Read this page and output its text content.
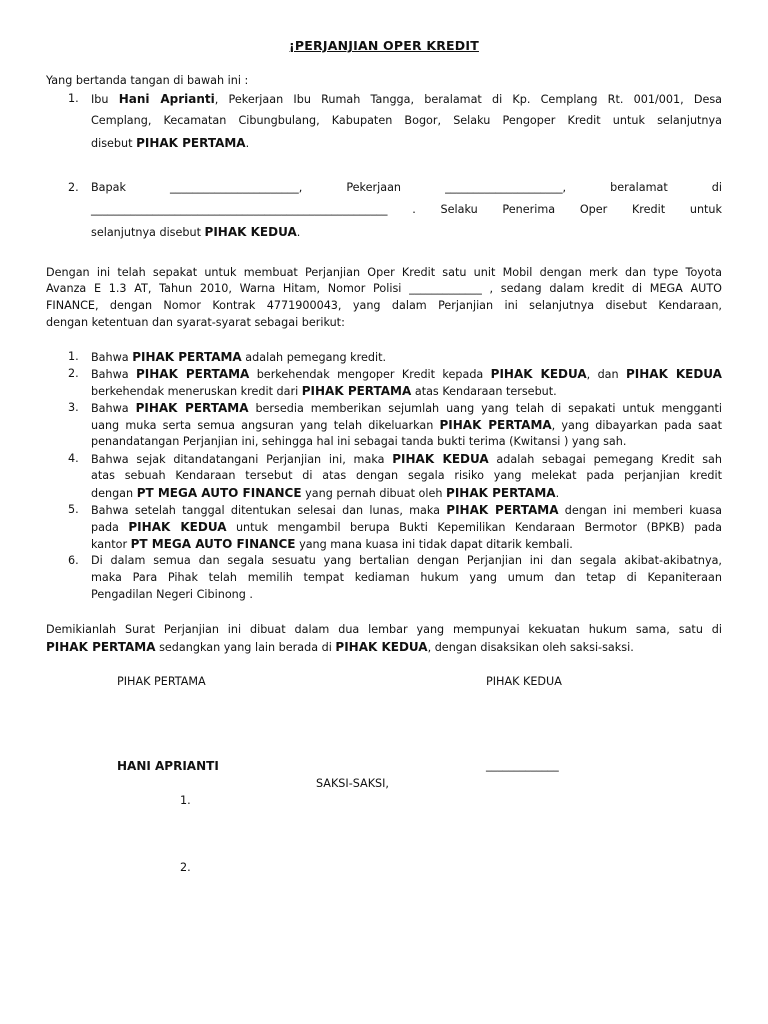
¡PERJANJIAN OPER KREDIT
Yang bertanda tangan di bawah ini :
1. Ibu Hani Aprianti, Pekerjaan Ibu Rumah Tangga, beralamat di Kp. Cemplang Rt. 001/001, Desa
Cemplang, Kecamatan Cibungbulang, Kabupaten Bogor, Selaku Pengoper Kredit untuk selanjutnya
disebut PIHAK PERTAMA.
2. Bapak	_______________________,	Pekerjaan	_____________________,	beralamat	di
_____________________________________________________ . Selaku Penerima Oper Kredit untuk
selanjutnya disebut PIHAK KEDUA.
Dengan ini telah sepakat untuk membuat Perjanjian Oper Kredit satu unit Mobil dengan merk dan type Toyota
Avanza E 1.3 AT, Tahun 2010, Warna Hitam, Nomor Polisi _____________ , sedang dalam kredit di MEGA AUTO
FINANCE, dengan Nomor Kontrak 4771900043, yang dalam Perjanjian ini selanjutnya disebut Kendaraan,
dengan ketentuan dan syarat-syarat sebagai berikut:
1. Bahwa PIHAK PERTAMA adalah pemegang kredit.
2. Bahwa PIHAK PERTAMA berkehendak mengoper Kredit kepada PIHAK KEDUA, dan PIHAK KEDUA
berkehendak meneruskan kredit dari PIHAK PERTAMA atas Kendaraan tersebut.
3. Bahwa PIHAK PERTAMA bersedia memberikan sejumlah uang yang telah di sepakati untuk mengganti
uang muka serta semua angsuran yang telah dikeluarkan PIHAK PERTAMA, yang dibayarkan pada saat
penandatangan Perjanjian ini, sehingga hal ini sebagai tanda bukti terima (Kwitansi ) yang sah.
4. Bahwa sejak ditandatangani Perjanjian ini, maka PIHAK KEDUA adalah sebagai pemegang Kredit sah
atas sebuah Kendaraan tersebut di atas dengan segala risiko yang melekat pada perjanjian kredit
dengan PT MEGA AUTO FINANCE yang pernah dibuat oleh PIHAK PERTAMA.
5. Bahwa setelah tanggal ditentukan selesai dan lunas, maka PIHAK PERTAMA dengan ini memberi kuasa
pada PIHAK KEDUA untuk mengambil berupa Bukti Kepemilikan Kendaraan Bermotor (BPKB) pada
kantor PT MEGA AUTO FINANCE yang mana kuasa ini tidak dapat ditarik kembali.
6. Di dalam semua dan segala sesuatu yang bertalian dengan Perjanjian ini dan segala akibat-akibatnya,
maka Para Pihak telah memilih tempat kediaman hukum yang umum dan tetap di Kepaniteraan
Pengadilan Negeri Cibinong .
Demikianlah Surat Perjanjian ini dibuat dalam dua lembar yang mempunyai kekuatan hukum sama, satu di
PIHAK PERTAMA sedangkan yang lain berada di PIHAK KEDUA, dengan disaksikan oleh saksi-saksi.
PIHAK PERTAMA	PIHAK KEDUA
HANI APRIANTI	_____________
SAKSI-SAKSI,
1.
2.
